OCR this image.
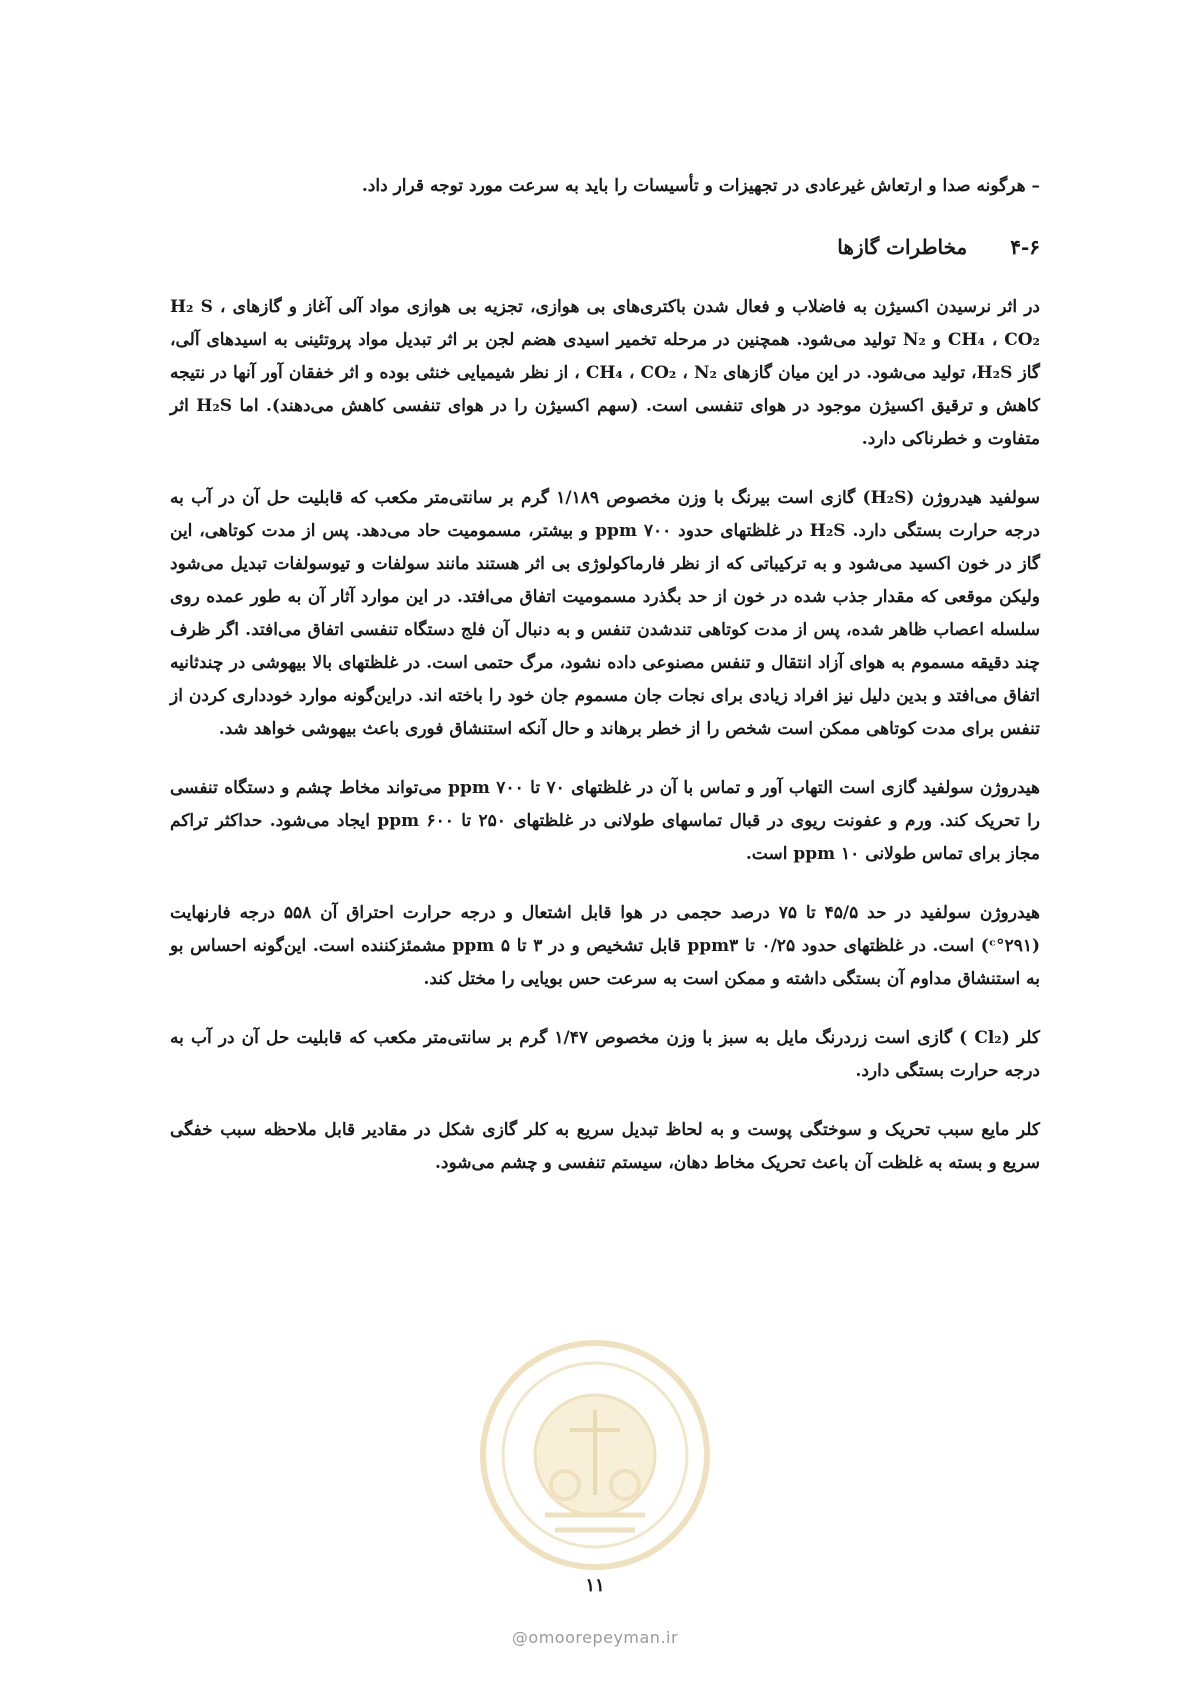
– هرگونه صدا و ارتعاش غیرعادی در تجهیزات و تأسیسات را باید به سرعت مورد توجه قرار داد.

۴-۶ مخاطرات گازها

در اثر نرسیدن اکسیژن به فاضلاب و فعال شدن باکتری‌های بی هوازی، تجزیه بی هوازی مواد آلی آغاز و گازهای H₂ S ، CH₄ ، CO₂ و N₂ تولید می‌شود. همچنین در مرحله تخمیر اسیدی هضم لجن بر اثر تبدیل مواد پروتئینی به اسیدهای آلی، گاز H₂S، تولید می‌شود. در این میان گازهای CH₄ ، CO₂ ، N₂ ، از نظر شیمیایی خنثی بوده و اثر خفقان آور آنها در نتیجه کاهش و ترقیق اکسیژن موجود در هوای تنفسی است. (سهم اکسیژن را در هوای تنفسی کاهش می‌دهند). اما H₂S اثر متفاوت و خطرناکی دارد.

سولفید هیدروژن (H₂S) گازی است بیرنگ با وزن مخصوص ۱/۱۸۹ گرم بر سانتی‌متر مکعب که قابلیت حل آن در آب به درجه حرارت بستگی دارد. H₂S در غلظتهای حدود ppm ۷۰۰ و بیشتر، مسمومیت حاد می‌دهد. پس از مدت کوتاهی، این گاز در خون اکسید می‌شود و به ترکیباتی که از نظر فارماکولوژی بی اثر هستند مانند سولفات و تیوسولفات تبدیل می‌شود ولیکن موقعی که مقدار جذب شده در خون از حد بگذرد مسمومیت اتفاق می‌افتد. در این موارد آثار آن به طور عمده روی سلسله اعصاب ظاهر شده، پس از مدت کوتاهی تندشدن تنفس و به دنبال آن فلج دستگاه تنفسی اتفاق می‌افتد. اگر ظرف چند دقیقه مسموم به هوای آزاد انتقال و تنفس مصنوعی داده نشود، مرگ حتمی است. در غلظتهای بالا بیهوشی در چندثانیه اتفاق می‌افتد و بدین دلیل نیز افراد زیادی برای نجات جان مسموم جان خود را باخته اند. دراین‌گونه موارد خودداری کردن از تنفس برای مدت کوتاهی ممکن است شخص را از خطر برهاند و حال آنکه استنشاق فوری باعث بیهوشی خواهد شد.

هیدروژن سولفید گازی است التهاب آور و تماس با آن در غلظتهای ۷۰ تا ppm ۷۰۰ می‌تواند مخاط چشم و دستگاه تنفسی را تحریک کند. ورم و عفونت ریوی در قبال تماسهای طولانی در غلظتهای ۲۵۰ تا ppm ۶۰۰ ایجاد می‌شود. حداکثر تراکم مجاز برای تماس طولانی ppm ۱۰ است.

هیدروژن سولفید در حد ۴۵/۵ تا ۷۵ درصد حجمی در هوا قابل اشتعال و درجه حرارت احتراق آن ۵۵۸ درجه فارنهایت (۲۹۱°ᶜ) است. در غلظتهای حدود ۰/۲۵ تا ppm۳ قابل تشخیص و در ۳ تا ppm ۵ مشمئزکننده است. این‌گونه احساس بو به استنشاق مداوم آن بستگی داشته و ممکن است به سرعت حس بویایی را مختل کند.

کلر (Cl₂ ) گازی است زردرنگ مایل به سبز با وزن مخصوص ۱/۴۷ گرم بر سانتی‌متر مکعب که قابلیت حل آن در آب به درجه حرارت بستگی دارد.

کلر مایع سبب تحریک و سوختگی پوست و به لحاظ تبدیل سریع به کلر گازی شکل در مقادیر قابل ملاحظه سبب خفگی سریع و بسته به غلظت آن باعث تحریک مخاط دهان، سیستم تنفسی و چشم می‌شود.

۱۱
@omoorepeyman.ir
